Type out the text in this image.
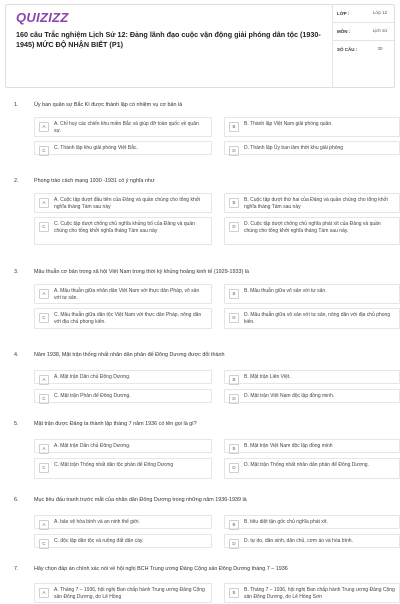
QUIZIZZ
160 câu Trắc nghiệm Lịch Sử 12: Đảng lãnh đạo cuộc vận động giải phóng dân tộc (1930-1945) MỨC ĐỘ NHẬN BIẾT (P1)
LỚP :	Lớp 12
MÔN :	Lịch sử
SỐ CÂU :	30
1.	Ủy ban quân sự Bắc Kì được thành lập có nhiệm vụ cơ bản là
A	A. Chỉ huy các chiến khu miền Bắc và giúp đỡ toàn quốc về quân sự.
B	B. Thành lập Việt Nam giải phóng quân.
C	C. Thành lập khu giải phóng Việt Bắc.	D	D. Thành lập Ủy ban lâm thời khu giải phóng
2.	Phong trào cách mạng 1930 -1931 có ý nghĩa như
A	A. Cuộc tập dượt đầu tiên của Đảng và quần chúng cho tổng khởi nghĩa tháng Tám sau này
B	B. Cuộc tập dượt thứ hai của Đảng và quần chúng cho tổng khởi nghĩa tháng Tám sau này
C	C. Cuộc tập dượt chống chủ nghĩa khủng bố của Đảng và quần chúng cho tổng khởi nghĩa tháng Tám sau này
D	D. Cuộc tập dượt chống chủ nghĩa phát xít của Đảng và quần chúng cho tổng khởi nghĩa tháng Tám sau này.
3.	Mâu thuẫn cơ bản trong xã hội Việt Nam trong thời kỳ khủng hoảng kinh tế (1929-1933) là
A	A. Mâu thuẫn giữa nhân dân Việt Nam với thực dân Pháp, vô sản với tư sản.
B	B. Mâu thuẫn giữa vô sản với tư sản.
C	C. Mâu thuẫn giữa dân tộc Việt Nam với thực dân Pháp, nông dân với địa chủ phong kiến.
D	D. Mâu thuẫn giữa vô sản với tư sản, nông dân với địa chủ phong kiến.
4.	Năm 1938, Mặt trận thống nhất nhân dân phản đế Đông Dương được đổi thành
A	A. Mặt trận Dân chủ Đông Dương.	B	B. Mặt trận Liên Việt.
C	C. Mặt trận Phản đế Đông Dương.	D	D. Mặt trận Việt Nam độc lập đồng minh.
5.	Mặt trận được Đảng ta thành lập tháng 7 năm 1936 có tên gọi là gì?
A	A. Mặt trận Dân chủ Đông Dương.	B	B. Mặt trận Việt Nam độc lập đồng minh
C	C. Mặt trận Thống nhất dân tộc phản đế Đông Dương	D	D. Mặt trận Thống nhất nhân dân phản đế Đông Dương.
6.	Mục tiêu đấu tranh trước mắt của nhân dân Đông Dương trong những năm 1936-1939 là
A	A. bảo vệ hòa bình và an ninh thế giới.	B	B. tiêu diệt tận gốc chủ nghĩa phát xít.
C	C. độc lập dân tộc và ruộng đất dân cày.	D	D. tự do, dân sinh, dân chủ, cơm áo và hòa bình.
7.	Hãy chọn đáp án chính xác nói về hội nghị BCH Trung ương Đảng Cộng sản Đông Dương tháng 7 – 1936
A	A. Tháng 7 – 1936, hội nghị Ban chấp hành Trung ương Đảng Cộng sản Đông Dương, do Lê Hồng
B	B. Tháng 7 – 1936, hội nghị Ban chấp hành Trung ương Đảng Cộng sản Đông Dương, do Lê Hồng Sơn
